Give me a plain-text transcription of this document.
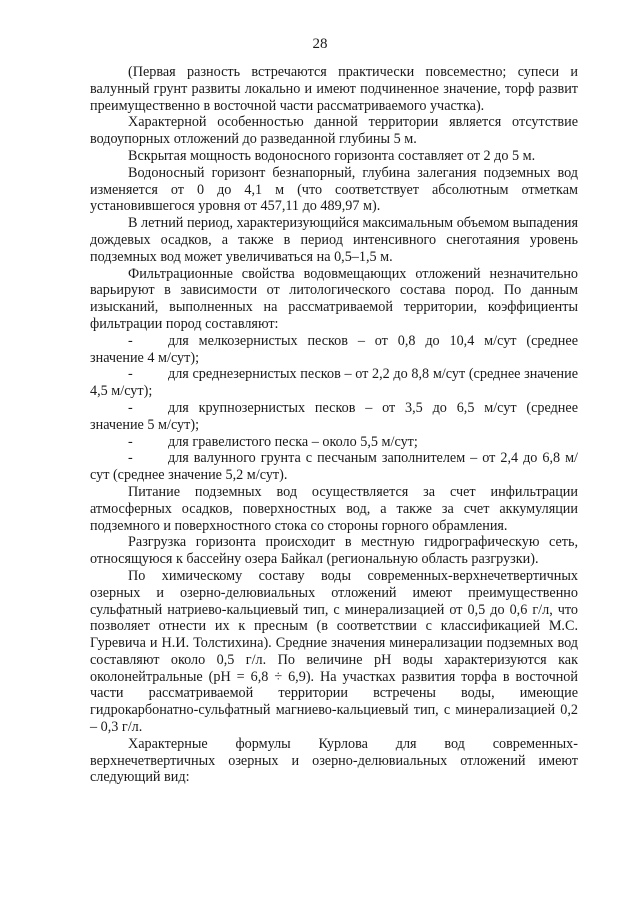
28

(Первая разность встречаются практически повсеместно; супеси и валунный грунт развиты локально и имеют подчиненное значение, торф развит преимущественно в восточной части рассматриваемого участка).

Характерной особенностью данной территории является отсутствие водоупорных отложений до разведанной глубины 5 м.

Вскрытая мощность водоносного горизонта составляет от 2 до 5 м.

Водоносный горизонт безнапорный, глубина залегания подземных вод изменяется от 0 до 4,1 м (что соответствует абсолютным отметкам установившегося уровня от 457,11 до 489,97 м).

В летний период, характеризующийся максимальным объемом выпадения дождевых осадков, а также в период интенсивного снеготаяния уровень подземных вод может увеличиваться на 0,5–1,5 м.

Фильтрационные свойства водовмещающих отложений незначительно варьируют в зависимости от литологического состава пород. По данным изысканий, выполненных на рассматриваемой территории, коэффициенты фильтрации пород составляют:

- для мелкозернистых песков – от 0,8 до 10,4 м/сут (среднее значение 4 м/сут);

- для среднезернистых песков – от 2,2 до 8,8 м/сут (среднее значение 4,5 м/сут);

- для крупнозернистых песков – от 3,5 до 6,5 м/сут (среднее значение 5 м/сут);

- для гравелистого песка – около 5,5 м/сут;

- для валунного грунта с песчаным заполнителем – от 2,4 до 6,8 м/сут (среднее значение 5,2 м/сут).

Питание подземных вод осуществляется за счет инфильтрации атмосферных осадков, поверхностных вод, а также за счет аккумуляции подземного и поверхностного стока со стороны горного обрамления.

Разгрузка горизонта происходит в местную гидрографическую сеть, относящуюся к бассейну озера Байкал (региональную область разгрузки).

По химическому составу воды современных-верхнечетвертичных озерных и озерно-делювиальных отложений имеют преимущественно сульфатный натриево-кальциевый тип, с минерализацией от 0,5 до 0,6 г/л, что позволяет отнести их к пресным (в соответствии с классификацией М.С. Гуревича и Н.И. Толстихина). Средние значения минерализации подземных вод составляют около 0,5 г/л. По величине pH воды характеризуются как околонейтральные (pH = 6,8 ÷ 6,9). На участках развития торфа в восточной части рассматриваемой территории встречены воды, имеющие гидрокарбонатно-сульфатный магниево-кальциевый тип, с минерализацией 0,2 – 0,3 г/л.

Характерные формулы Курлова для вод современных-верхнечетвертичных озерных и озерно-делювиальных отложений имеют следующий вид:
